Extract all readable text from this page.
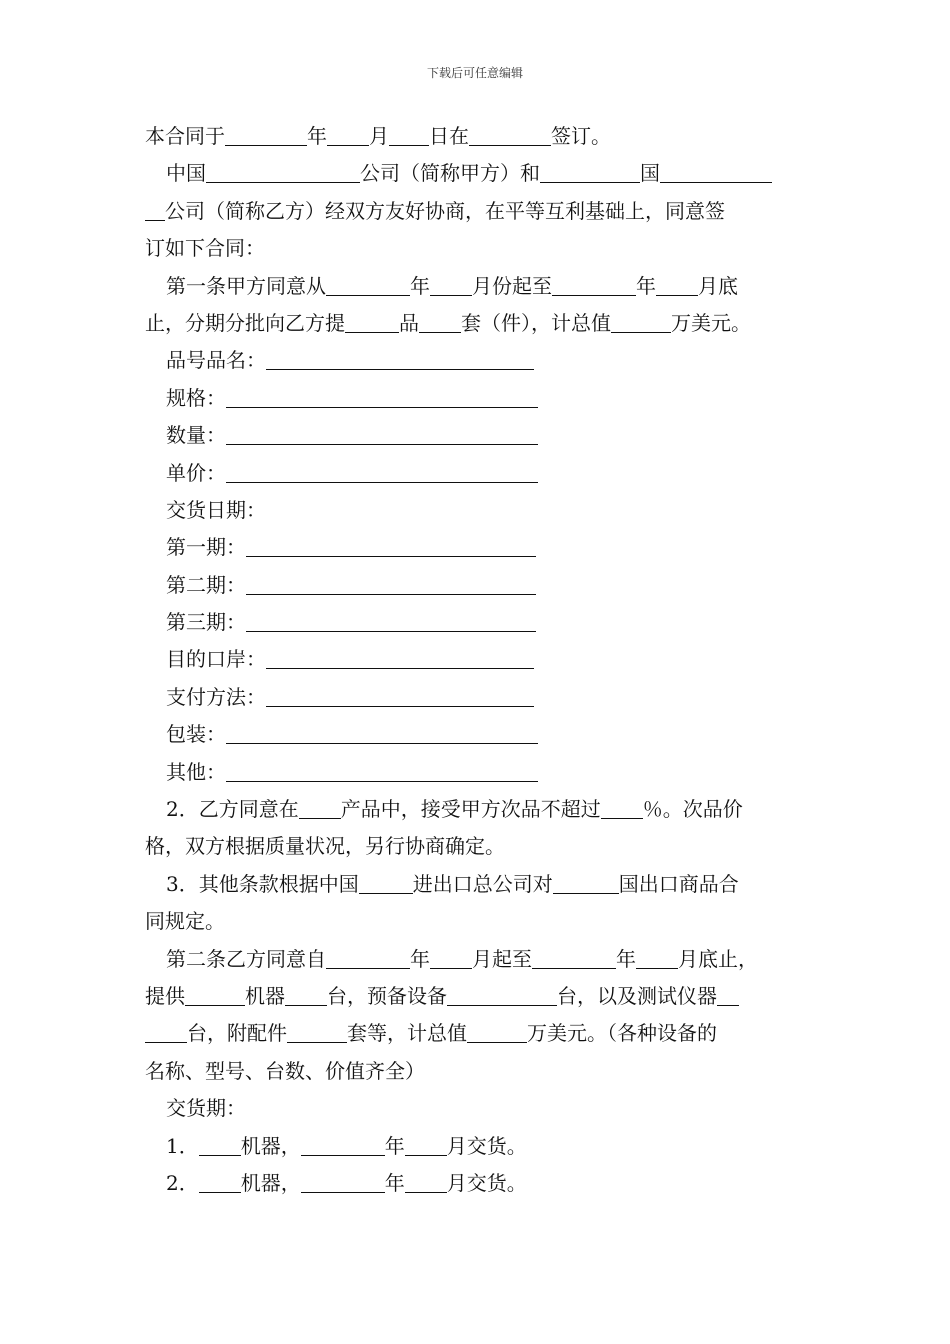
下载后可任意编辑
本合同于	年 月 日在	签订。
中国	公司（简称甲方）和	国
公司（简称乙方）经双方友好协商，在平等互利基础上，同意签
订如下合同：
第一条甲方同意从	年 月份起至	年 月底
止，分期分批向乙方提	品 套（件），计总值	万美元。
品号品名：
规格：
数量：
单价：
交货日期：
第一期：
第二期：
第三期：
目的口岸：
支付方法：
包装：
其他：
2．乙方同意在 产品中，接受甲方次品不超过 ％。次品价
格，双方根据质量状况，另行协商确定。
3．其他条款根据中国	进出口总公司对	国出口商品合
同规定。
第二条乙方同意自	年 月起至	年 月底止，
提供	机器 台，预备设备	台，以及测试仪器
台，附配件	套等，计总值	万美元。（各种设备的
名称、型号、台数、价值齐全）
交货期：
1． 机器，	年 月交货。
2． 机器，	年 月交货。
